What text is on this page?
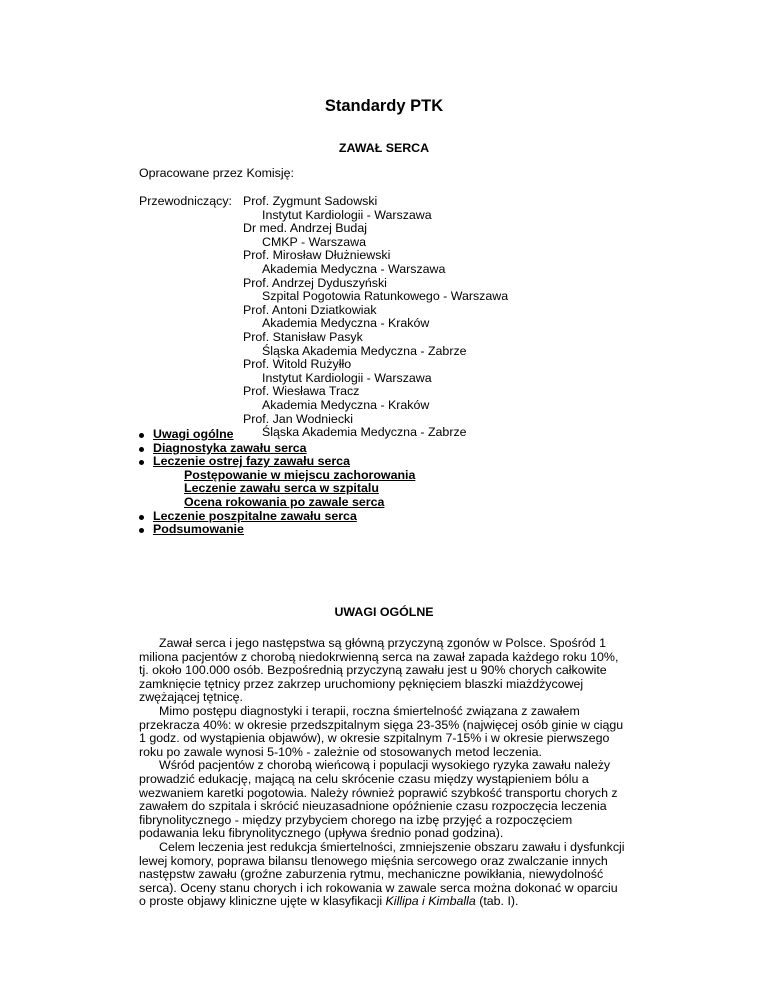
Standardy PTK
ZAWAŁ SERCA
Opracowane przez Komisję:
Przewodniczący: Prof. Zygmunt Sadowski
Instytut Kardiologii - Warszawa
Dr med. Andrzej Budaj
CMKP - Warszawa
Prof. Mirosław Dłużniewski
Akademia Medyczna - Warszawa
Prof. Andrzej Dyduszyński
Szpital Pogotowia Ratunkowego - Warszawa
Prof. Antoni Dziatkowiak
Akademia Medyczna - Kraków
Prof. Stanisław Pasyk
Śląska Akademia Medyczna - Zabrze
Prof. Witold Rużyłło
Instytut Kardiologii - Warszawa
Prof. Wiesława Tracz
Akademia Medyczna - Kraków
Prof. Jan Wodniecki
Śląska Akademia Medyczna - Zabrze
Uwagi ogólne
Diagnostyka zawału serca
Leczenie ostrej fazy zawału serca
Postępowanie w miejscu zachorowania
Leczenie zawału serca w szpitalu
Ocena rokowania po zawale serca
Leczenie poszpitalne zawału serca
Podsumowanie
UWAGI OGÓLNE

Zawał serca i jego następstwa są główną przyczyną zgonów w Polsce. Spośród 1
miliona pacjentów z chorobą niedokrwienną serca na zawał zapada każdego roku 10%,
tj. około 100.000 osób. Bezpośrednią przyczyną zawału jest u 90% chorych całkowite
zamknięcie tętnicy przez zakrzep uruchomiony pęknięciem blaszki miażdżycowej
zwężającej tętnicę.

Mimo postępu diagnostyki i terapii, roczna śmiertelność związana z zawałem
przekracza 40%: w okresie przedszpitalnym sięga 23-35% (najwięcej osób ginie w ciągu
1 godz. od wystąpienia objawów), w okresie szpitalnym 7-15% i w okresie pierwszego
roku po zawale wynosi 5-10% - zależnie od stosowanych metod leczenia.

Wśród pacjentów z chorobą wieńcową i populacji wysokiego ryzyka zawału należy
prowadzić edukację, mającą na celu skrócenie czasu między wystąpieniem bólu a
wezwaniem karetki pogotowia. Należy również poprawić szybkość transportu chorych z
zawałem do szpitala i skrócić nieuzasadnione opóźnienie czasu rozpoczęcia leczenia
fibrynolitycznego - między przybyciem chorego na izbę przyjęć a rozpoczęciem
podawania leku fibrynolitycznego (upływa średnio ponad godzina).

Celem leczenia jest redukcja śmiertelności, zmniejszenie obszaru zawału i dysfunkcji
lewej komory, poprawa bilansu tlenowego mięśnia sercowego oraz zwalczanie innych
następstw zawału (groźne zaburzenia rytmu, mechaniczne powikłania, niewydolność
serca). Oceny stanu chorych i ich rokowania w zawale serca można dokonać w oparciu
o proste objawy kliniczne ujęte w klasyfikacji Killipa i Kimballa (tab. I).
